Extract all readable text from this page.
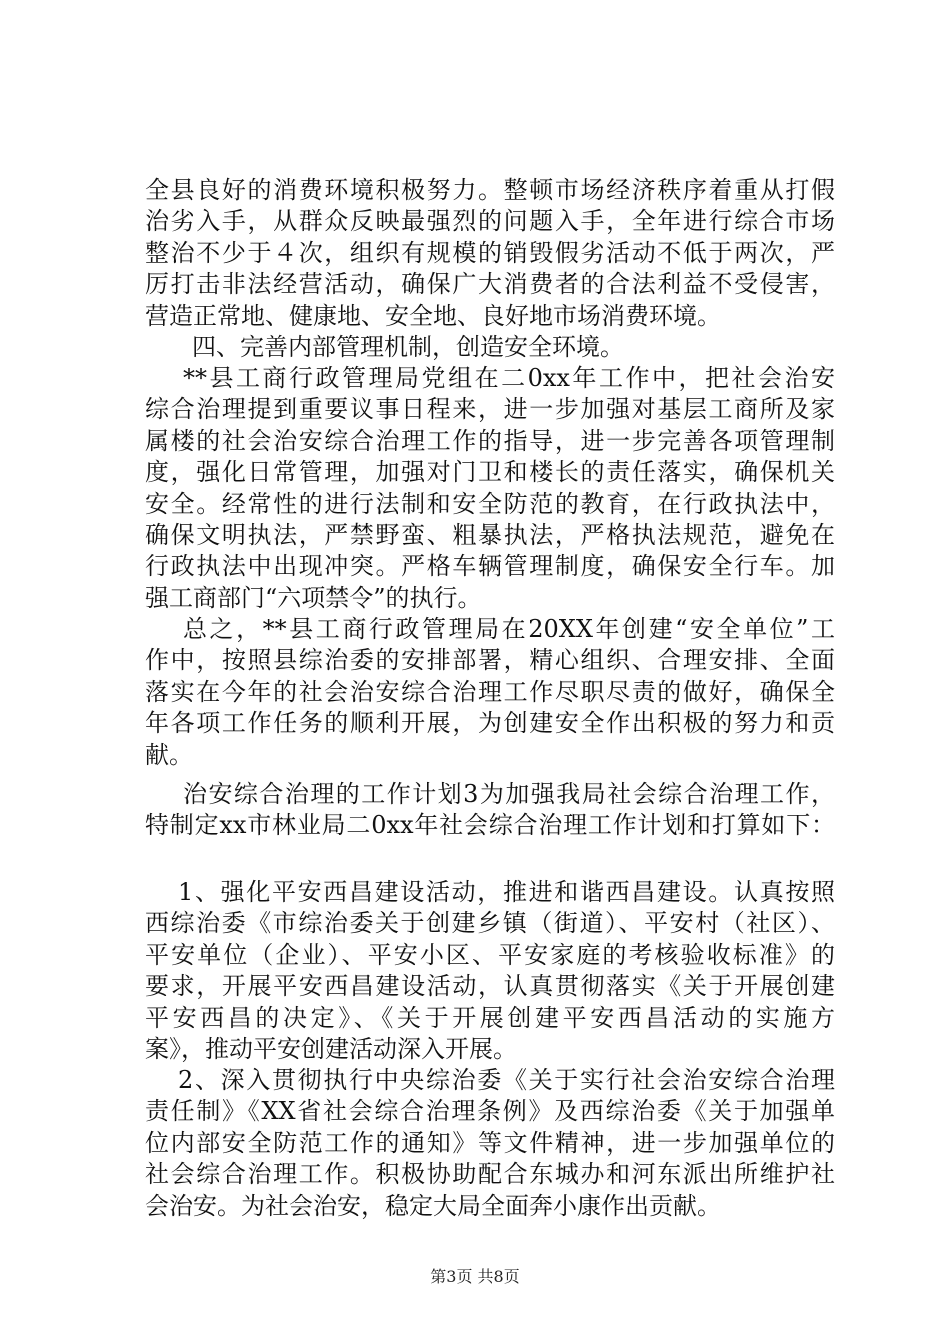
全县良好的消费环境积极努力。整顿市场经济秩序着重从打假
治劣入手，从群众反映最强烈的问题入手，全年进行综合市场
整治不少于４次，组织有规模的销毁假劣活动不低于两次，严
厉打击非法经营活动，确保广大消费者的合法利益不受侵害，
营造正常地、健康地、安全地、良好地市场消费环境。
四、完善内部管理机制，创造安全环境。
**县工商行政管理局党组在二0xx年工作中，把社会治安
综合治理提到重要议事日程来，进一步加强对基层工商所及家
属楼的社会治安综合治理工作的指导，进一步完善各项管理制
度，强化日常管理，加强对门卫和楼长的责任落实，确保机关
安全。经常性的进行法制和安全防范的教育，在行政执法中，
确保文明执法，严禁野蛮、粗暴执法，严格执法规范，避免在
行政执法中出现冲突。严格车辆管理制度，确保安全行车。加
强工商部门“六项禁令”的执行。
总之，**县工商行政管理局在20XX年创建“安全单位”工
作中，按照县综治委的安排部署，精心组织、合理安排、全面
落实在今年的社会治安综合治理工作尽职尽责的做好，确保全
年各项工作任务的顺利开展，为创建安全作出积极的努力和贡
献。
治安综合治理的工作计划3为加强我局社会综合治理工作，
特制定xx市林业局二0xx年社会综合治理工作计划和打算如下：
1、强化平安西昌建设活动，推进和谐西昌建设。认真按照
西综治委《市综治委关于创建乡镇（街道）、平安村（社区）、
平安单位（企业）、平安小区、平安家庭的考核验收标准》的
要求，开展平安西昌建设活动，认真贯彻落实《关于开展创建
平安西昌的决定》、《关于开展创建平安西昌活动的实施方
案》，推动平安创建活动深入开展。
2、深入贯彻执行中央综治委《关于实行社会治安综合治理
责任制》《XX省社会综合治理条例》及西综治委《关于加强单
位内部安全防范工作的通知》等文件精神，进一步加强单位的
社会综合治理工作。积极协助配合东城办和河东派出所维护社
会治安。为社会治安，稳定大局全面奔小康作出贡献。
第3页 共8页
